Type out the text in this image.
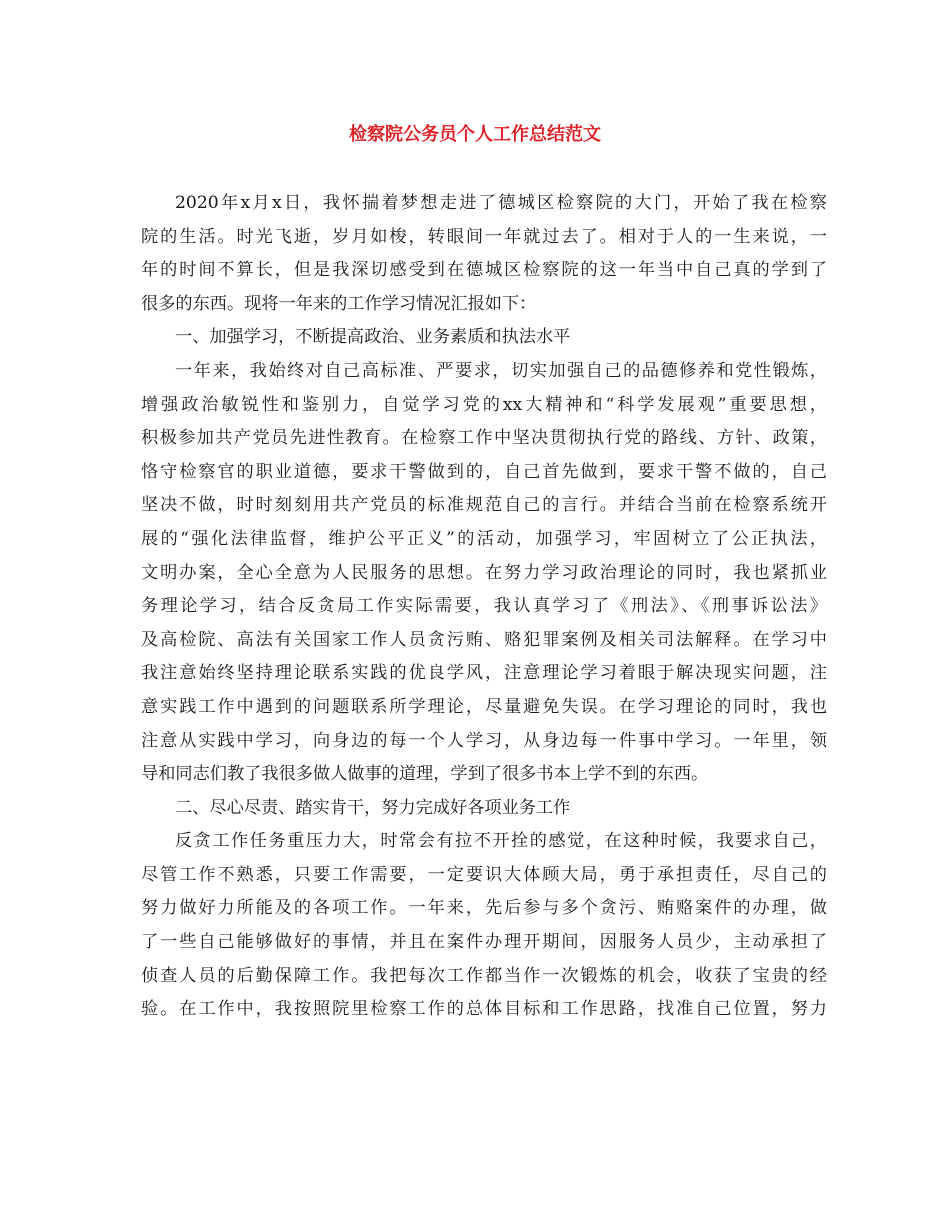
检察院公务员个人工作总结范文
2020年x月x日，我怀揣着梦想走进了德城区检察院的大门，开始了我在检察
院的生活。时光飞逝，岁月如梭，转眼间一年就过去了。相对于人的一生来说，一
年的时间不算长，但是我深切感受到在德城区检察院的这一年当中自己真的学到了
很多的东西。现将一年来的工作学习情况汇报如下：
一、加强学习，不断提高政治、业务素质和执法水平
一年来，我始终对自己高标准、严要求，切实加强自己的品德修养和党性锻炼，
增强政治敏锐性和鉴别力，自觉学习党的xx大精神和“科学发展观”重要思想，
积极参加共产党员先进性教育。在检察工作中坚决贯彻执行党的路线、方针、政策，
恪守检察官的职业道德，要求干警做到的，自己首先做到，要求干警不做的，自己
坚决不做，时时刻刻用共产党员的标准规范自己的言行。并结合当前在检察系统开
展的“强化法律监督，维护公平正义”的活动，加强学习，牢固树立了公正执法，
文明办案，全心全意为人民服务的思想。在努力学习政治理论的同时，我也紧抓业
务理论学习，结合反贪局工作实际需要，我认真学习了《刑法》、《刑事诉讼法》
及高检院、高法有关国家工作人员贪污贿、赂犯罪案例及相关司法解释。在学习中
我注意始终坚持理论联系实践的优良学风，注意理论学习着眼于解决现实问题，注
意实践工作中遇到的问题联系所学理论，尽量避免失误。在学习理论的同时，我也
注意从实践中学习，向身边的每一个人学习，从身边每一件事中学习。一年里，领
导和同志们教了我很多做人做事的道理，学到了很多书本上学不到的东西。
二、尽心尽责、踏实肯干，努力完成好各项业务工作
反贪工作任务重压力大，时常会有拉不开拴的感觉，在这种时候，我要求自己，
尽管工作不熟悉，只要工作需要，一定要识大体顾大局，勇于承担责任，尽自己的
努力做好力所能及的各项工作。一年来，先后参与多个贪污、贿赂案件的办理，做
了一些自己能够做好的事情，并且在案件办理开期间，因服务人员少，主动承担了
侦查人员的后勤保障工作。我把每次工作都当作一次锻炼的机会，收获了宝贵的经
验。在工作中，我按照院里检察工作的总体目标和工作思路，找准自己位置，努力
